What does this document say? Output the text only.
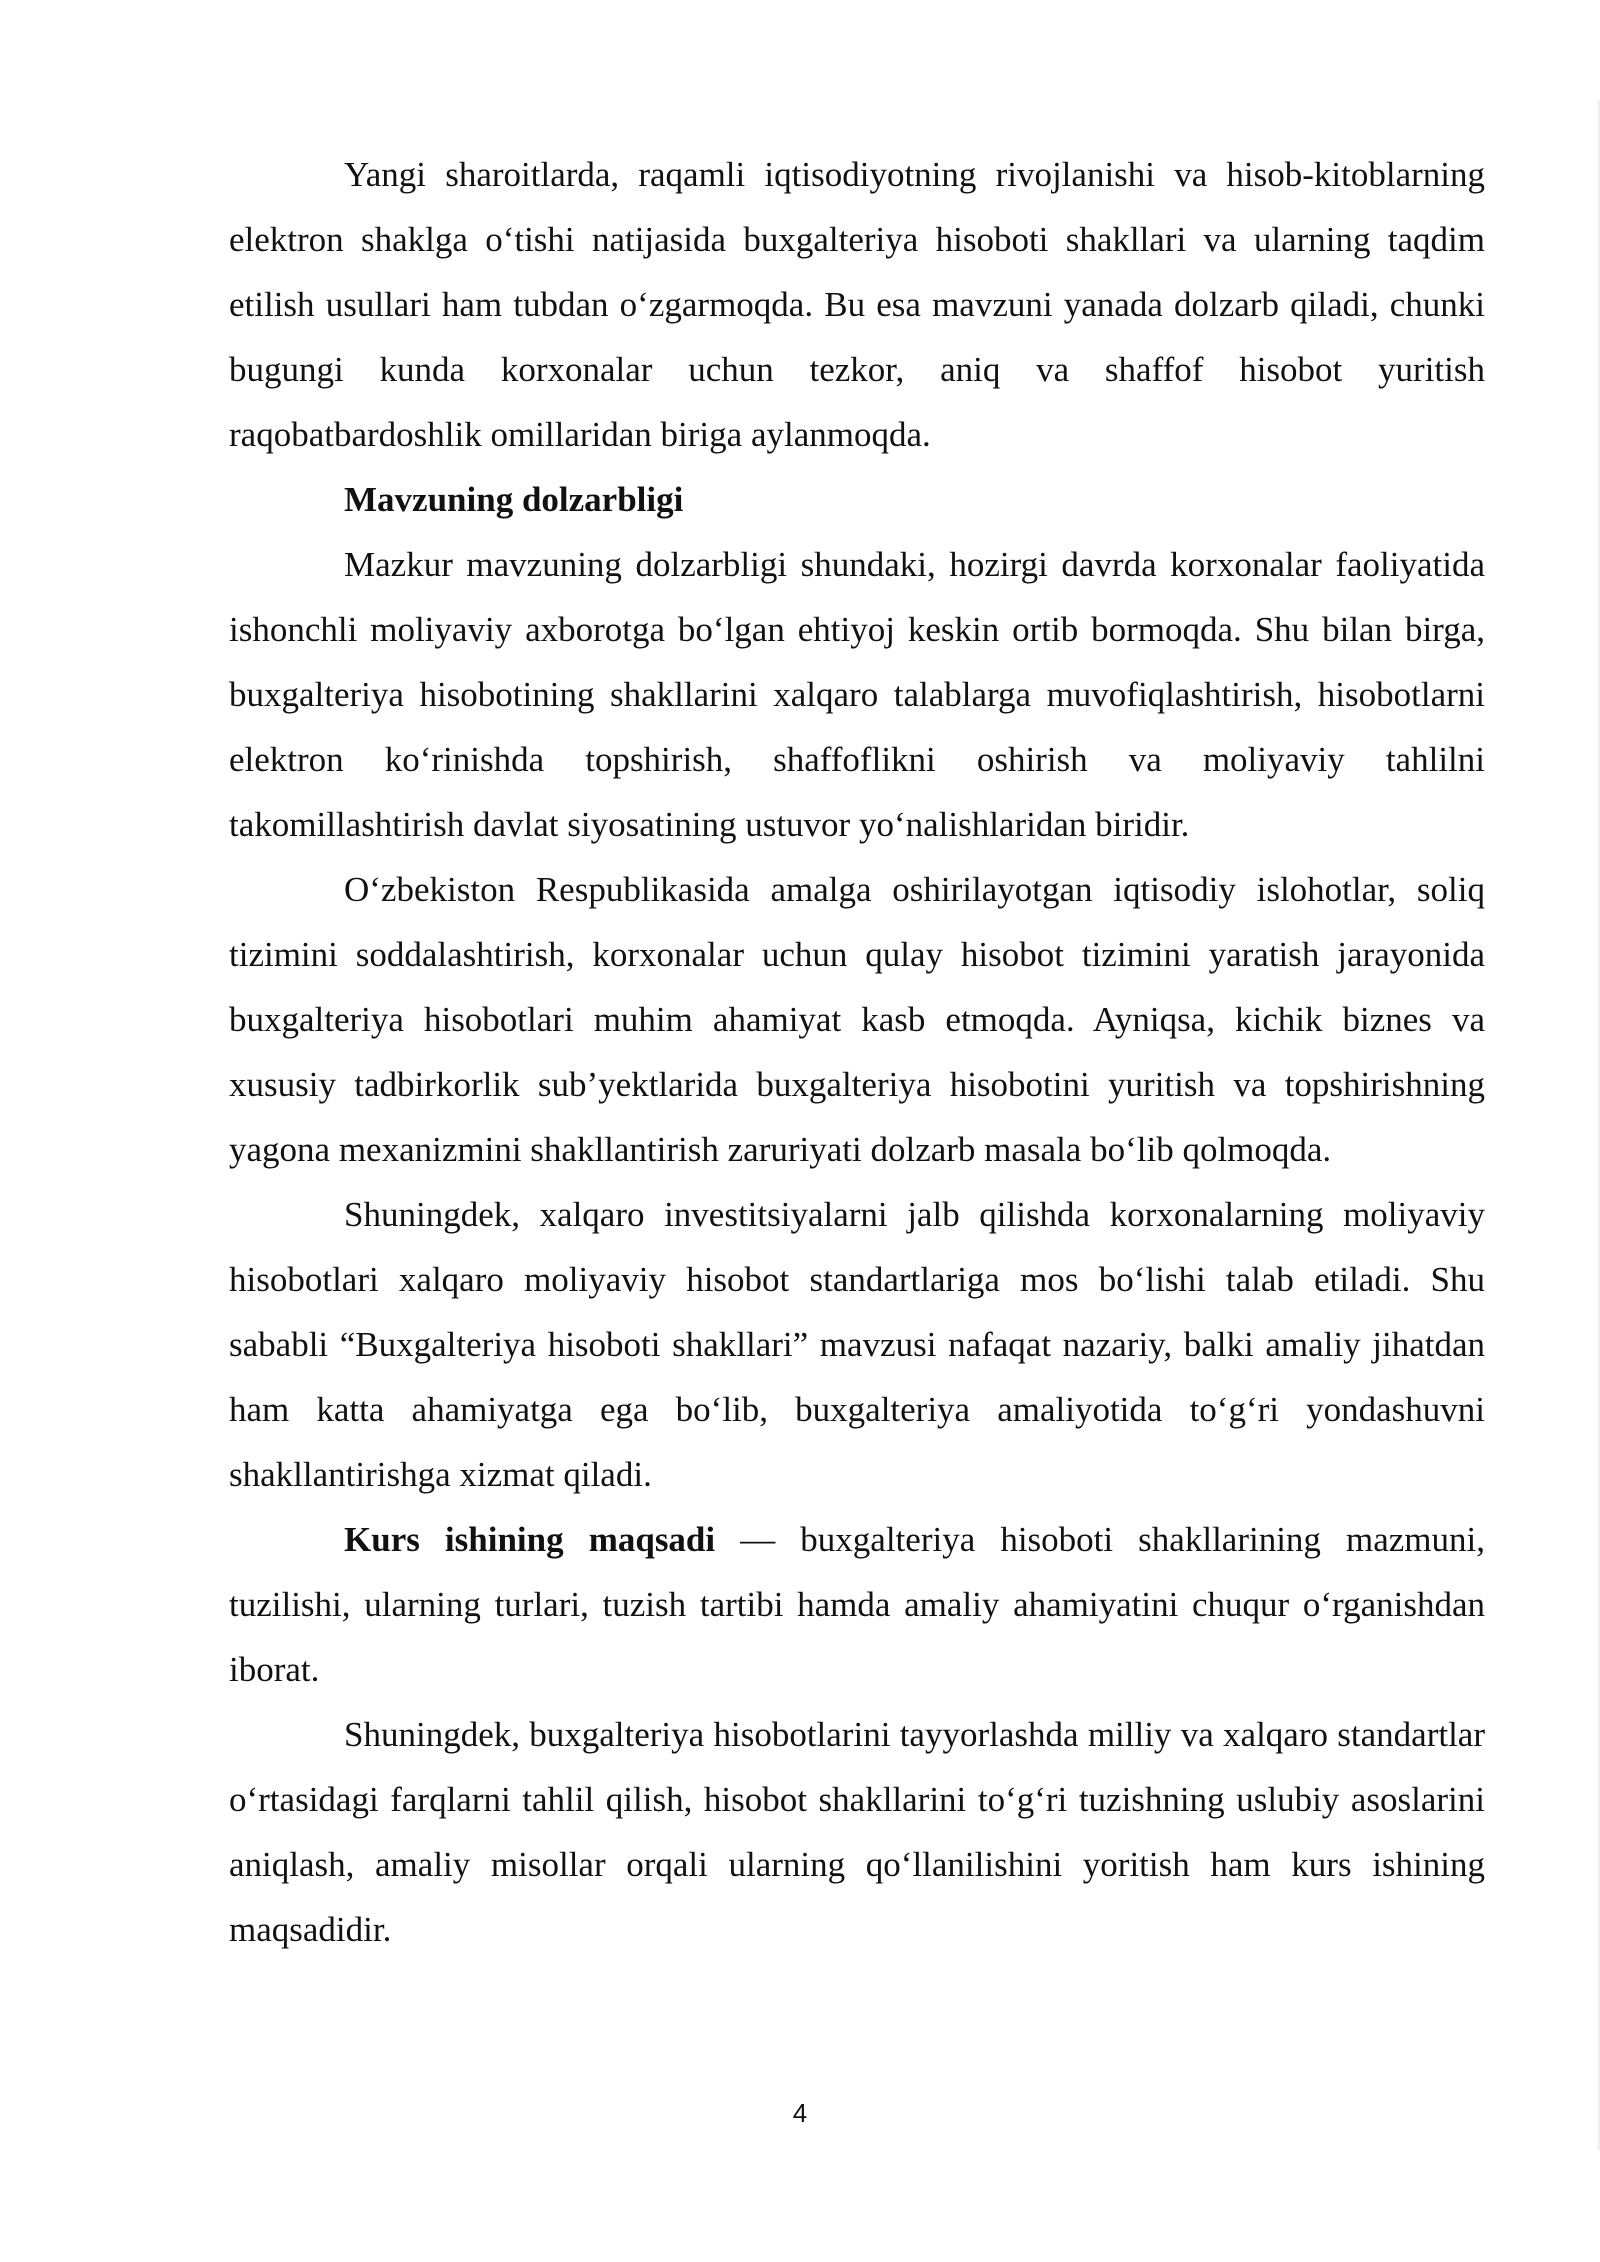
Yangi sharoitlarda, raqamli iqtisodiyotning rivojlanishi va hisob-kitoblarning elektron shaklga o‘tishi natijasida buxgalteriya hisoboti shakllari va ularning taqdim etilish usullari ham tubdan o‘zgarmoqda. Bu esa mavzuni yanada dolzarb qiladi, chunki bugungi kunda korxonalar uchun tezkor, aniq va shaffof hisobot yuritish raqobatbardoshlik omillaridan biriga aylanmoqda.

Mavzuning dolzarbligi

Mazkur mavzuning dolzarbligi shundaki, hozirgi davrda korxonalar faoliyatida ishonchli moliyaviy axborotga bo‘lgan ehtiyoj keskin ortib bormoqda. Shu bilan birga, buxgalteriya hisobotining shakllarini xalqaro talablarga muvofiqlashtirish, hisobotlarni elektron ko‘rinishda topshirish, shaffoflikni oshirish va moliyaviy tahlilni takomillashtirish davlat siyosatining ustuvor yo‘nalishlaridan biridir.

O‘zbekiston Respublikasida amalga oshirilayotgan iqtisodiy islohotlar, soliq tizimini soddalashtirish, korxonalar uchun qulay hisobot tizimini yaratish jarayonida buxgalteriya hisobotlari muhim ahamiyat kasb etmoqda. Ayniqsa, kichik biznes va xususiy tadbirkorlik sub’yektlarida buxgalteriya hisobotini yuritish va topshirishning yagona mexanizmini shakllantirish zaruriyati dolzarb masala bo‘lib qolmoqda.

Shuningdek, xalqaro investitsiyalarni jalb qilishda korxonalarning moliyaviy hisobotlari xalqaro moliyaviy hisobot standartlariga mos bo‘lishi talab etiladi. Shu sababli “Buxgalteriya hisoboti shakllari” mavzusi nafaqat nazariy, balki amaliy jihatdan ham katta ahamiyatga ega bo‘lib, buxgalteriya amaliyotida to‘g‘ri yondashuvni shakllantirishga xizmat qiladi.

Kurs ishining maqsadi — buxgalteriya hisoboti shakllarining mazmuni, tuzilishi, ularning turlari, tuzish tartibi hamda amaliy ahamiyatini chuqur o‘rganishdan iborat.

Shuningdek, buxgalteriya hisobotlarini tayyorlashda milliy va xalqaro standartlar o‘rtasidagi farqlarni tahlil qilish, hisobot shakllarini to‘g‘ri tuzishning uslubiy asoslarini aniqlash, amaliy misollar orqali ularning qo‘llanilishini yoritish ham kurs ishining maqsadidir.

4
